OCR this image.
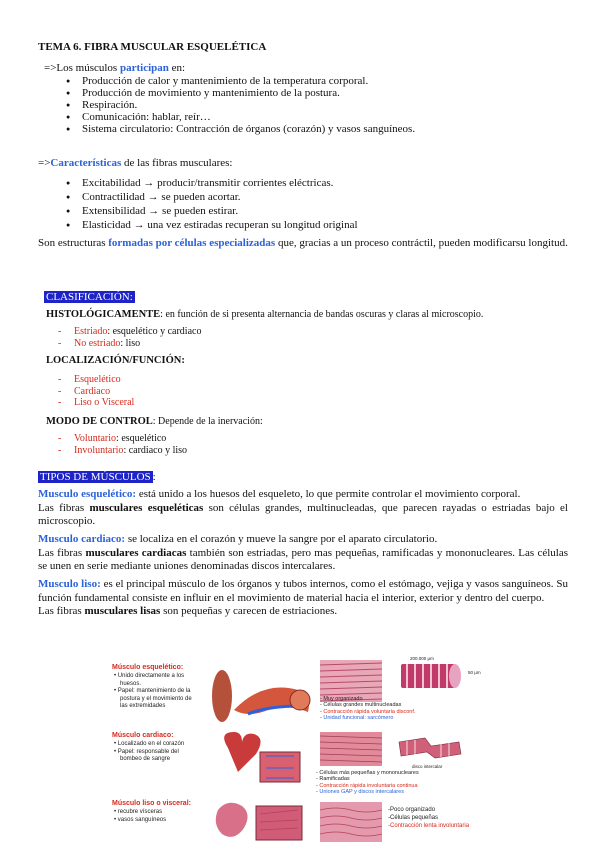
TEMA 6. FIBRA MUSCULAR ESQUELÉTICA
=>Los músculos participan en:
● Producción de calor y mantenimiento de la temperatura corporal.
● Producción de movimiento y mantenimiento de la postura.
● Respiración.
● Comunicación: hablar, reír…
● Sistema circulatorio: Contracción de órganos (corazón) y vasos sanguíneos.
=>Características de las fibras musculares:
● Excitabilidad → producir/transmitir corrientes eléctricas.
● Contractilidad → se pueden acortar.
● Extensibilidad → se pueden estirar.
● Elasticidad → una vez estiradas recuperan su longitud original
Son estructuras formadas por células especializadas que, gracias a un proceso contráctil, pueden modificarsu longitud.
CLASIFICACIÓN:
HISTOLÓGICAMENTE: en función de si presenta alternancia de bandas oscuras y claras al microscopio.
- Estriado: esquelético y cardiaco
- No estriado: liso
LOCALIZACIÓN/FUNCIÓN:
- Esquelético
- Cardiaco
- Liso o Visceral
MODO DE CONTROL: Depende de la inervación:
- Voluntario: esquelético
- Involuntario: cardiaco y liso
TIPOS DE MÚSCULOS :
Musculo esquelético: está unido a los huesos del esqueleto, lo que permite controlar el movimiento corporal.
Las fibras musculares esqueléticas son células grandes, multinucleadas, que parecen rayadas o estriadas bajo el microscopio.
Musculo cardiaco: se localiza en el corazón y mueve la sangre por el aparato circulatorio.
Las fibras musculares cardiacas también son estriadas, pero mas pequeñas, ramificadas y mononucleares. Las células se unen en serie mediante uniones denominadas discos intercalares.
Musculo liso: es el principal músculo de los órganos y tubos internos, como el estómago, vejiga y vasos sanguíneos. Su función fundamental consiste en influir en el movimiento de material hacia el interior, exterior y dentro del cuerpo.
Las fibras musculares lisas son pequeñas y carecen de estriaciones.
Músculo esquelético:
• Unido directamente a los
huesos.
• Papel: mantenimiento de la
postura y el movimiento de
las extremidades
200.000 μm
50 μm
- Muy organizado
- Células grandes multinucleadas
- Contracción rápida voluntaria disconf.
- Unidad funcional: sarcómero
Músculo cardiaco:
• Localizado en el corazón
• Papel: responsable del
bombeo de sangre
disco intercalar
- Células más pequeñas y mononucleares
- Ramificadas
- Contracción rápida involuntaria continua
- Uniones GAP y discos intercalares
Músculo liso o visceral:
• recubre vísceras
• vasos sanguíneos
-Poco organizado
-Células pequeñas
-Contracción lenta involuntaria
